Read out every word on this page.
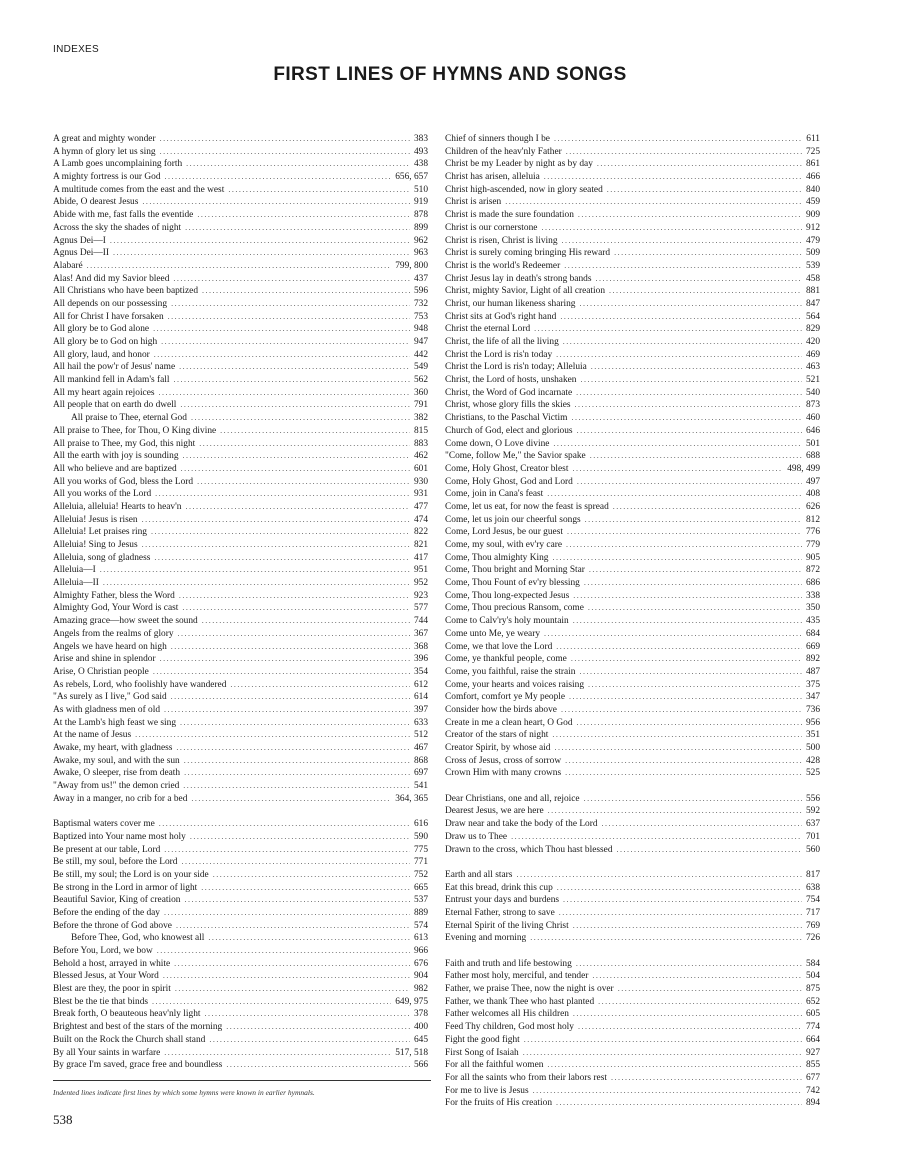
INDEXES
FIRST LINES OF HYMNS AND SONGS
A great and mighty wonder .....	383
A hymn of glory let us sing .....	493
A Lamb goes uncomplaining forth .....	438
A mighty fortress is our God .....	656, 657
A multitude comes from the east and the west .....	510
Abide, O dearest Jesus .....	919
Abide with me, fast falls the eventide .....	878
Across the sky the shades of night .....	899
Agnus Dei—I .....	962
Agnus Dei—II .....	963
Alabaré .....	799, 800
Alas! And did my Savior bleed .....	437
All Christians who have been baptized .....	596
All depends on our possessing .....	732
All for Christ I have forsaken .....	753
All glory be to God alone .....	948
All glory be to God on high .....	947
All glory, laud, and honor .....	442
All hail the pow'r of Jesus' name .....	549
All mankind fell in Adam's fall .....	562
All my heart again rejoices .....	360
All people that on earth do dwell .....	791
All praise to Thee, eternal God .....	382
All praise to Thee, for Thou, O King divine .....	815
All praise to Thee, my God, this night .....	883
All the earth with joy is sounding .....	462
All who believe and are baptized .....	601
All you works of God, bless the Lord .....	930
All you works of the Lord .....	931
Alleluia, alleluia! Hearts to heav'n .....	477
Alleluia! Jesus is risen .....	474
Alleluia! Let praises ring .....	822
Alleluia! Sing to Jesus .....	821
Alleluia, song of gladness .....	417
Alleluia—I .....	951
Alleluia—II .....	952
Almighty Father, bless the Word .....	923
Almighty God, Your Word is cast .....	577
Amazing grace—how sweet the sound .....	744
Angels from the realms of glory .....	367
Angels we have heard on high .....	368
Arise and shine in splendor .....	396
Arise, O Christian people .....	354
As rebels, Lord, who foolishly have wandered .....	612
"As surely as I live," God said .....	614
As with gladness men of old .....	397
At the Lamb's high feast we sing .....	633
At the name of Jesus .....	512
Awake, my heart, with gladness .....	467
Awake, my soul, and with the sun .....	868
Awake, O sleeper, rise from death .....	697
"Away from us!" the demon cried .....	541
Away in a manger, no crib for a bed .....	364, 365
Baptismal waters cover me .....	616
Baptized into Your name most holy .....	590
Be present at our table, Lord .....	775
Be still, my soul, before the Lord .....	771
Be still, my soul; the Lord is on your side .....	752
Be strong in the Lord in armor of light .....	665
Beautiful Savior, King of creation .....	537
Before the ending of the day .....	889
Before the throne of God above .....	574
Before Thee, God, who knowest all .....	613
Before You, Lord, we bow .....	966
Behold a host, arrayed in white .....	676
Blessed Jesus, at Your Word .....	904
Blest are they, the poor in spirit .....	982
Blest be the tie that binds .....	649, 975
Break forth, O beauteous heav'nly light .....	378
Brightest and best of the stars of the morning .....	400
Built on the Rock the Church shall stand .....	645
By all Your saints in warfare .....	517, 518
By grace I'm saved, grace free and boundless .....	566
Chief of sinners though I be .....	611
Children of the heav'nly Father .....	725
Christ be my Leader by night as by day .....	861
Christ has arisen, alleluia .....	466
Christ high-ascended, now in glory seated .....	840
Christ is arisen .....	459
Christ is made the sure foundation .....	909
Christ is our cornerstone .....	912
Christ is risen, Christ is living .....	479
Christ is surely coming bringing His reward .....	509
Christ is the world's Redeemer .....	539
Christ Jesus lay in death's strong bands .....	458
Christ, mighty Savior, Light of all creation .....	881
Christ, our human likeness sharing .....	847
Christ sits at God's right hand .....	564
Christ the eternal Lord .....	829
Christ, the life of all the living .....	420
Christ the Lord is ris'n today .....	469
Christ the Lord is ris'n today; Alleluia .....	463
Christ, the Lord of hosts, unshaken .....	521
Christ, the Word of God incarnate .....	540
Christ, whose glory fills the skies .....	873
Christians, to the Paschal Victim .....	460
Church of God, elect and glorious .....	646
Come down, O Love divine .....	501
"Come, follow Me," the Savior spake .....	688
Come, Holy Ghost, Creator blest .....	498, 499
Come, Holy Ghost, God and Lord .....	497
Come, join in Cana's feast .....	408
Come, let us eat, for now the feast is spread .....	626
Come, let us join our cheerful songs .....	812
Come, Lord Jesus, be our guest .....	776
Come, my soul, with ev'ry care .....	779
Come, Thou almighty King .....	905
Come, Thou bright and Morning Star .....	872
Come, Thou Fount of ev'ry blessing .....	686
Come, Thou long-expected Jesus .....	338
Come, Thou precious Ransom, come .....	350
Come to Calv'ry's holy mountain .....	435
Come unto Me, ye weary .....	684
Come, we that love the Lord .....	669
Come, ye thankful people, come .....	892
Come, you faithful, raise the strain .....	487
Come, your hearts and voices raising .....	375
Comfort, comfort ye My people .....	347
Consider how the birds above .....	736
Create in me a clean heart, O God .....	956
Creator of the stars of night .....	351
Creator Spirit, by whose aid .....	500
Cross of Jesus, cross of sorrow .....	428
Crown Him with many crowns .....	525
Dear Christians, one and all, rejoice .....	556
Dearest Jesus, we are here .....	592
Draw near and take the body of the Lord .....	637
Draw us to Thee .....	701
Drawn to the cross, which Thou hast blessed .....	560
Earth and all stars .....	817
Eat this bread, drink this cup .....	638
Entrust your days and burdens .....	754
Eternal Father, strong to save .....	717
Eternal Spirit of the living Christ .....	769
Evening and morning .....	726
Faith and truth and life bestowing .....	584
Father most holy, merciful, and tender .....	504
Father, we praise Thee, now the night is over .....	875
Father, we thank Thee who hast planted .....	652
Father welcomes all His children .....	605
Feed Thy children, God most holy .....	774
Fight the good fight .....	664
First Song of Isaiah .....	927
For all the faithful women .....	855
For all the saints who from their labors rest .....	677
For me to live is Jesus .....	742
For the fruits of His creation .....	894
Indented lines indicate first lines by which some hymns were known in earlier hymnals.
538
